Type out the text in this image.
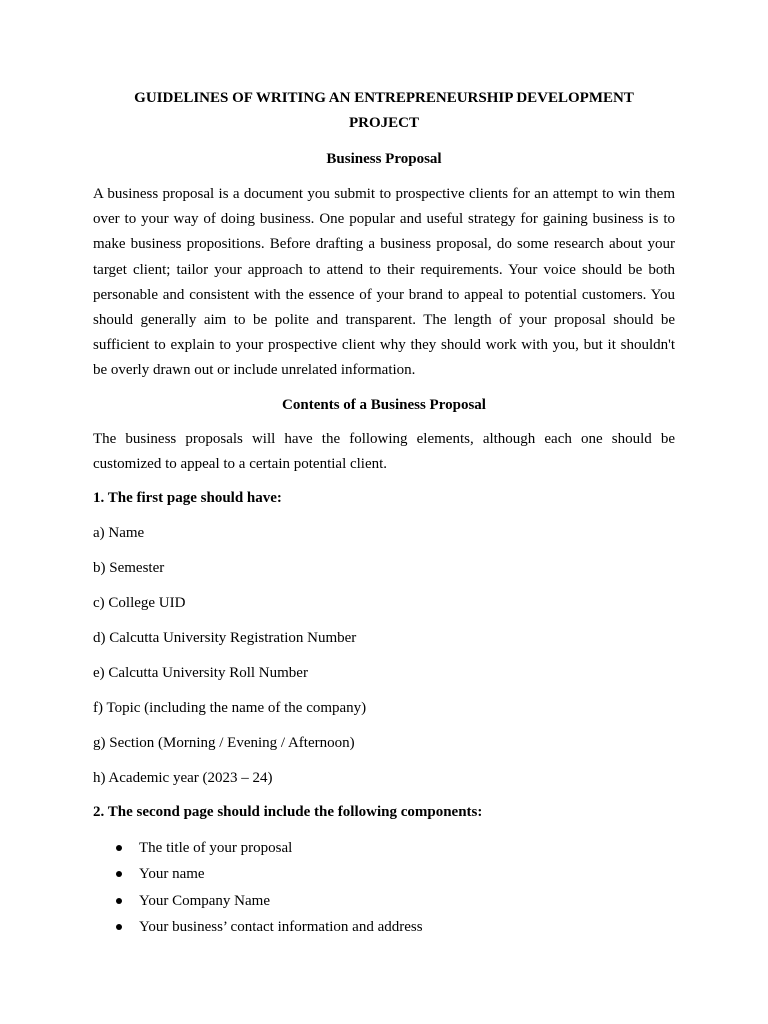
GUIDELINES OF WRITING AN ENTREPRENEURSHIP DEVELOPMENT

PROJECT

Business Proposal

A business proposal is a document you submit to prospective clients for an attempt to win them over to your way of doing business. One popular and useful strategy for gaining business is to make business propositions. Before drafting a business proposal, do some research about your target client; tailor your approach to attend to their requirements. Your voice should be both personable and consistent with the essence of your brand to appeal to potential customers. You should generally aim to be polite and transparent. The length of your proposal should be sufficient to explain to your prospective client why they should work with you, but it shouldn't be overly drawn out or include unrelated information.

Contents of a Business Proposal

The business proposals will have the following elements, although each one should be customized to appeal to a certain potential client.

1. The first page should have:

a) Name

b) Semester

c) College UID

d) Calcutta University Registration Number

e) Calcutta University Roll Number

f) Topic (including the name of the company)

g) Section (Morning / Evening / Afternoon)

h) Academic year (2023 – 24)

2. The second page should include the following components:

The title of your proposal
Your name
Your Company Name
Your business’ contact information and address
